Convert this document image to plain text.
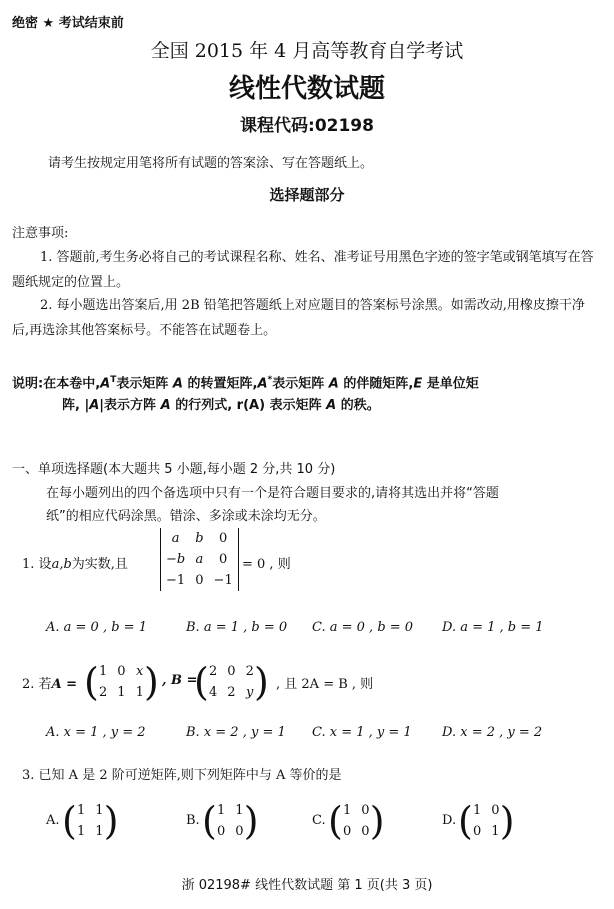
绝密 ★ 考试结束前
全国 2015 年 4 月高等教育自学考试
线性代数试题
课程代码:02198
请考生按规定用笔将所有试题的答案涂、写在答题纸上。
选择题部分
注意事项:
1. 答题前,考生务必将自己的考试课程名称、姓名、准考证号用黑色字迹的签字笔或钢笔填写在答题纸规定的位置上。
2. 每小题选出答案后,用 2B 铅笔把答题纸上对应题目的答案标号涂黑。如需改动,用橡皮擦干净后,再选涂其他答案标号。不能答在试题卷上。
说明:在本卷中$,A^T$表示矩阵 A 的转置矩阵,A*表示矩阵 A 的伴随矩阵,E 是单位矩
阵, |A|表示方阵 A 的行列式, r(A) 表示矩阵 A 的秩。
一、单项选择题(本大题共 5 小题,每小题 2 分,共 10 分)
在每小题列出的四个备选项中只有一个是符合题目要求的,请将其选出并将“答题
纸”的相应代码涂黑。错涂、多涂或未涂均无分。
1. 设a,b为实数,且
a	b	0
−b	a	0
−1	0	−1
= 0 , 则
A. a = 0 , b = 1	B. a = 1 , b = 0 C. a = 0 , b = 0 D. a = 1 , b = 1
2. 若A = ( 1	0	x
2	1	1 ) , B =
( 2	0	2
4	2	y ) , 且 2A = B , 则
A. x = 1 , y = 2	B. x = 2 , y = 1 C. x = 1 , y = 1 D. x = 2 , y = 2
3. 已知 A 是 2 阶可逆矩阵,则下列矩阵中与 A 等价的是
A. ( 1	1
1	1 )	B. ( 1	1
0	0 )	C. ( 1	0
0	0 )	D. ( 1	0
0	1 )
浙 02198# 线性代数试题 第 1 页(共 3 页)
